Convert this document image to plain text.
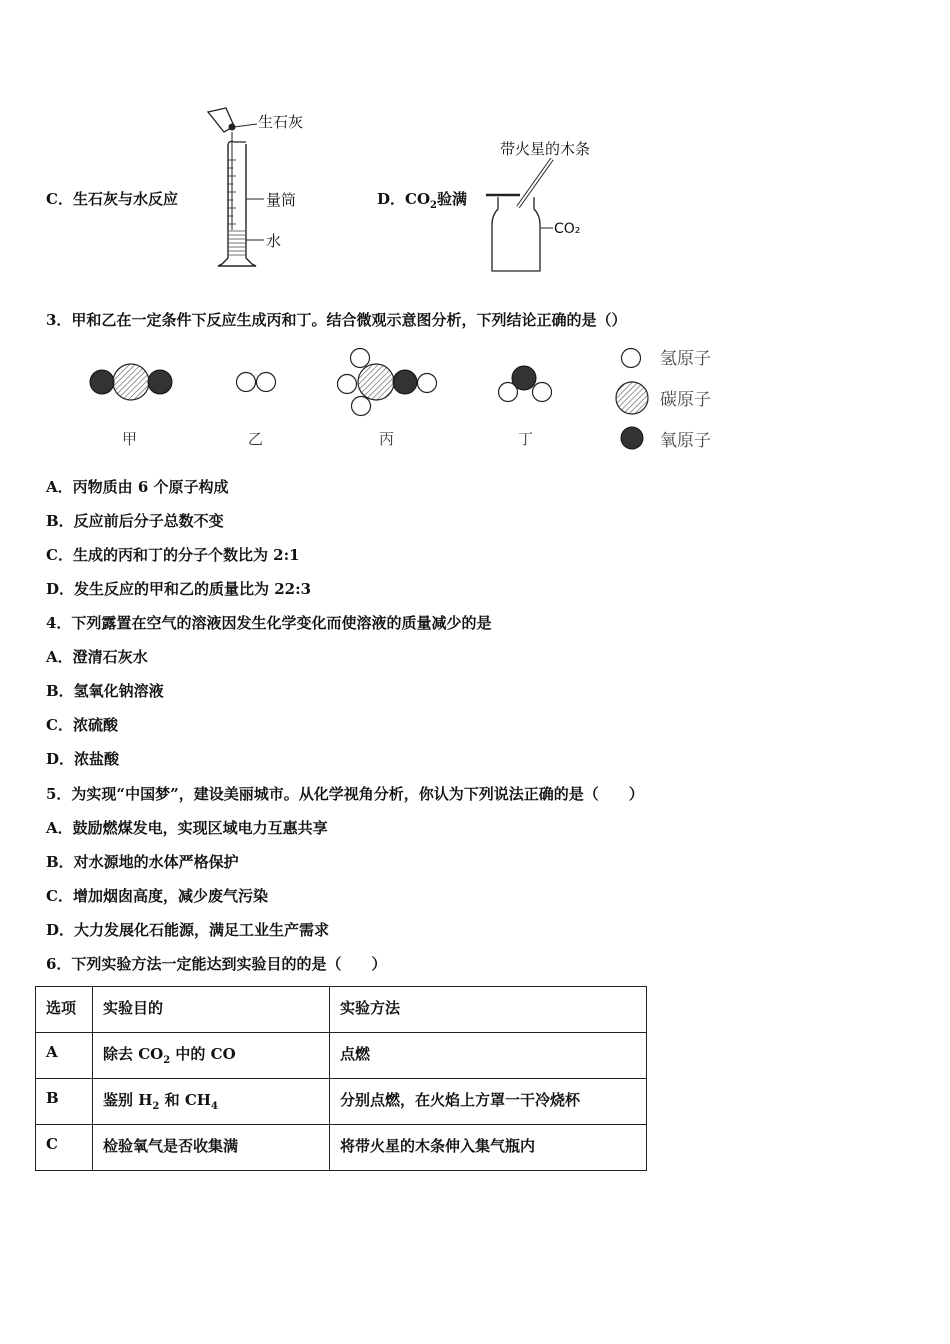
C．生石灰与水反应
生石灰
量筒
水
D．$CO_2$验满
带火星的木条
CO₂
3．甲和乙在一定条件下反应生成丙和丁。结合微观示意图分析，下列结论正确的是（）
甲	乙	丙	丁
氢原子
碳原子
氧原子
A．丙物质由 6 个原子构成
B．反应前后分子总数不变
C．生成的丙和丁的分子个数比为 2:1
D．发生反应的甲和乙的质量比为 22:3
4．下列露置在空气的溶液因发生化学变化而使溶液的质量减少的是
A．澄清石灰水
B．氢氧化钠溶液
C．浓硫酸
D．浓盐酸
5．为实现“中国梦”，建设美丽城市。从化学视角分析，你认为下列说法正确的是（　　）
A．鼓励燃煤发电，实现区域电力互惠共享
B．对水源地的水体严格保护
C．增加烟囱高度，减少废气污染
D．大力发展化石能源，满足工业生产需求
6．下列实验方法一定能达到实验目的的是（　　）
选项	实验目的	实验方法
A	除去 $CO_2$ 中的 CO	点燃
B	鉴别 $H_2$ 和 $CH_4$	分别点燃，在火焰上方罩一干冷烧杯
C	检验氧气是否收集满	将带火星的木条伸入集气瓶内
